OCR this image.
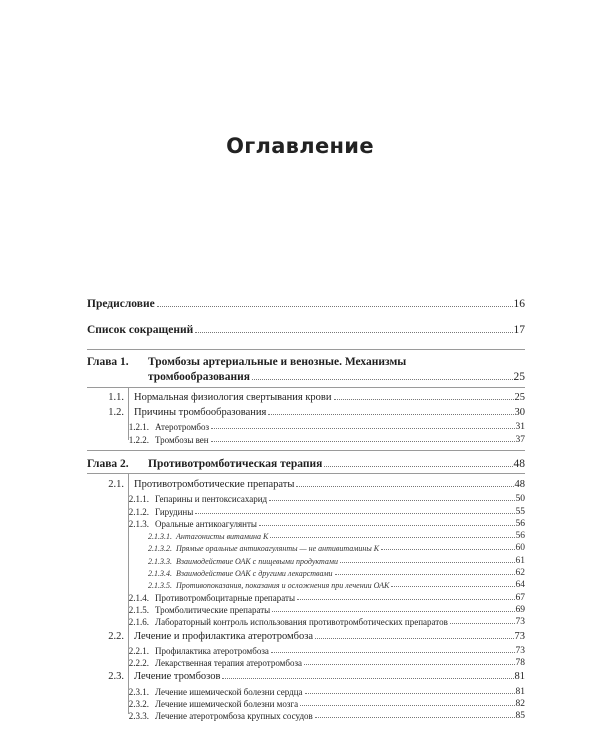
Оглавление
Предисловие	16
Список сокращений	17
Глава 1.	Тромбозы артериальные и венозные. Механизмы
тромбообразования	25
1.1. Нормальная физиология свертывания крови	25
1.2. Причины тромбообразования	30
1.2.1. Атеротромбоз	31
1.2.2. Тромбозы вен	37
Глава 2.	Противотромботическая терапия	48
2.1. Противотромботические препараты	48
2.1.1. Гепарины и пентоксисахарид	50
2.1.2. Гирудины	55
2.1.3. Оральные антикоагулянты	56
2.1.3.1. Антагонисты витамина К	56
2.1.3.2. Прямые оральные антикоагулянты — не антивитамины К	60
2.1.3.3. Взаимодействие ОАК с пищевыми продуктами	61
2.1.3.4. Взаимодействие ОАК с другими лекарствами	62
2.1.3.5. Противопоказания, показания и осложнения при лечении ОАК	64
2.1.4. Противотромбоцитарные препараты	67
2.1.5. Тромболитические препараты	69
2.1.6. Лабораторный контроль использования противотромботических препаратов	73
2.2. Лечение и профилактика атеротромбоза	73
2.2.1. Профилактика атеротромбоза	73
2.2.2. Лекарственная терапия атеротромбоза	78
2.3. Лечение тромбозов	81
2.3.1. Лечение ишемической болезни сердца	81
2.3.2. Лечение ишемической болезни мозга	82
2.3.3. Лечение атеротромбоза крупных сосудов	85
